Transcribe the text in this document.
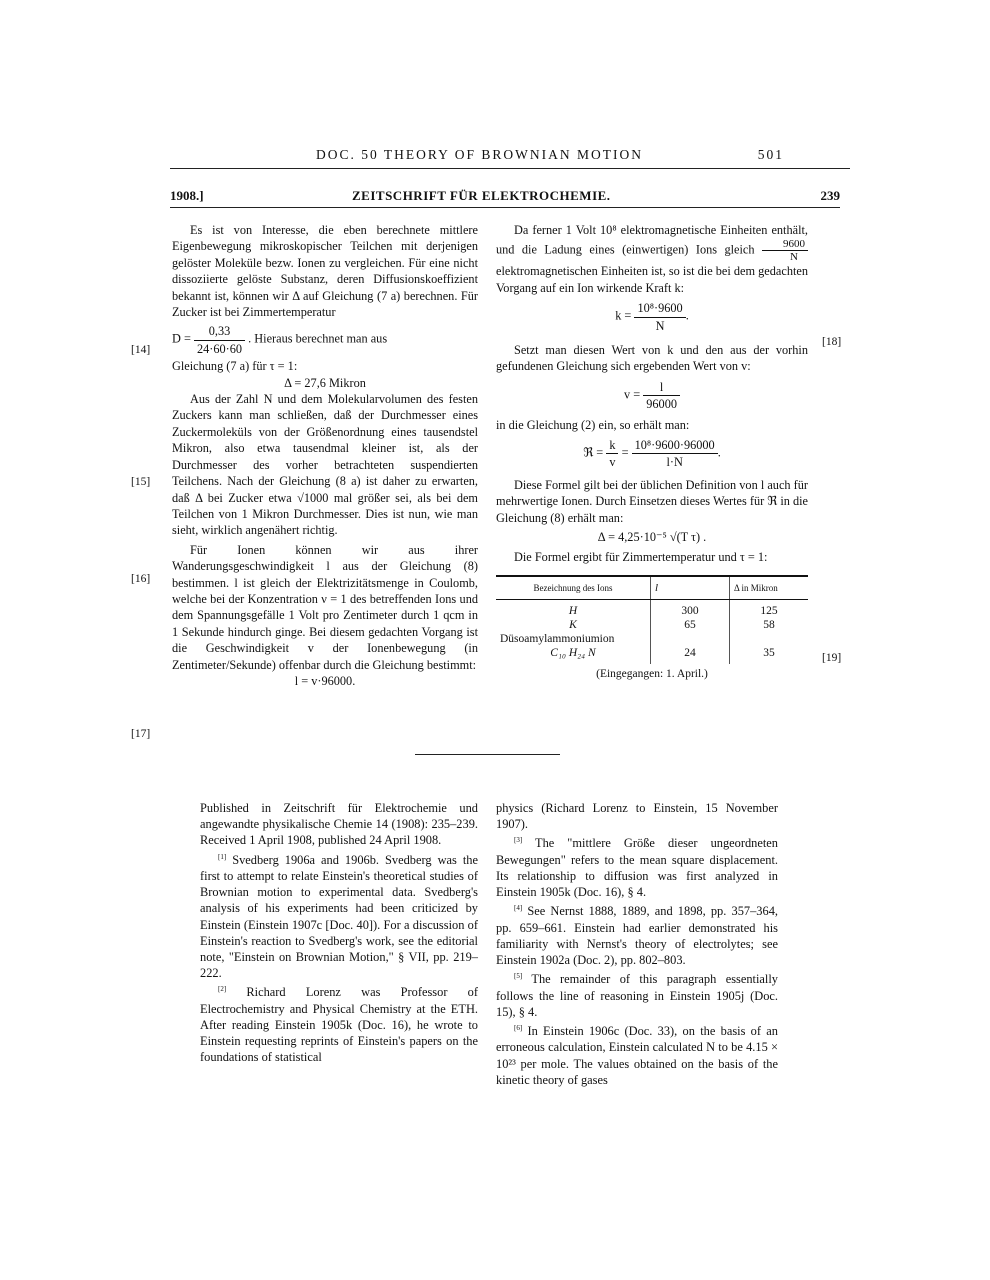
DOC. 50 THEORY OF BROWNIAN MOTION	501
1908.]	ZEITSCHRIFT FÜR ELEKTROCHEMIE.	239
[14]
[15]
[16]
[17]
[18]
[19]

Es ist von Interesse, die eben berechnete mittlere Eigenbewegung mikroskopischer Teilchen mit derjenigen gelöster Moleküle bezw. Ionen zu vergleichen. Für eine nicht dissoziierte gelöste Substanz, deren Diffusionskoeffizient bekannt ist, können wir Δ auf Gleichung (7 a) berechnen. Für Zucker ist bei Zimmertemperatur

$D = \frac{0,33}{24\cdot 60\cdot 60}$ . Hieraus berechnet man aus

Gleichung (7 a) für τ = 1:

Δ = 27,6 Mikron

Aus der Zahl N und dem Molekularvolumen des festen Zuckers kann man schließen, daß der Durchmesser eines Zuckermoleküls von der Größenordnung eines tausendstel Mikron, also etwa tausendmal kleiner ist, als der Durchmesser des vorher betrachteten suspendierten Teilchens. Nach der Gleichung (8 a) ist daher zu erwarten, daß Δ bei Zucker etwa √1000 mal größer sei, als bei dem Teilchen von 1 Mikron Durchmesser. Dies ist nun, wie man sieht, wirklich angenähert richtig.

Für Ionen können wir aus ihrer Wanderungsgeschwindigkeit l aus der Gleichung (8) bestimmen. l ist gleich der Elektrizitätsmenge in Coulomb, welche bei der Konzentration ν = 1 des betreffenden Ions und dem Spannungsgefälle 1 Volt pro Zentimeter durch 1 qcm in 1 Sekunde hindurch ginge. Bei diesem gedachten Vorgang ist die Geschwindigkeit v der Ionenbewegung (in Zentimeter/Sekunde) offenbar durch die Gleichung bestimmt:

l = v·96000.

Da ferner 1 Volt 10⁸ elektromagnetische Einheiten enthält, und die Ladung eines (einwertigen) Ions gleich $\frac{9600}{N}$
elektromagnetischen Einheiten ist, so ist die bei dem gedachten Vorgang auf ein Ion wirkende Kraft k:

$k = \frac{\text{10⁸·9600}}{N}$ .

Setzt man diesen Wert von k und den aus der vorhin gefundenen Gleichung sich ergebenden Wert von v:

$v = \frac{l}{96000}$

in die Gleichung (2) ein, so erhält man:

ℜ = $\frac{k}{v} = \frac{\text{10⁸·9600·96000}}{l\cdot N}$ .

Diese Formel gilt bei der üblichen Definition von l auch für mehrwertige Ionen. Durch Einsetzen dieses Wertes für ℜ in die Gleichung (8) erhält man:

Δ = 4,25·10⁻⁵ √(T τ) .

Die Formel ergibt für Zimmertemperatur und τ = 1:

Bezeichnung des Ions	l	Δ in Mikron
H	300	125
K	65	58
Düsoamylammoniumion		
C₁₀ H₂₄ N	24	35

(Eingegangen: 1. April.)

Published in Zeitschrift für Elektrochemie und angewandte physikalische Chemie 14 (1908): 235–239. Received 1 April 1908, published 24 April 1908.

[1] Svedberg 1906a and 1906b. Svedberg was the first to attempt to relate Einstein's theoretical studies of Brownian motion to experimental data. Svedberg's analysis of his experiments had been criticized by Einstein (Einstein 1907c [Doc. 40]). For a discussion of Einstein's reaction to Svedberg's work, see the editorial note, "Einstein on Brownian Motion," § VII, pp. 219–222.

[2] Richard Lorenz was Professor of Electrochemistry and Physical Chemistry at the ETH. After reading Einstein 1905k (Doc. 16), he wrote to Einstein requesting reprints of Einstein's papers on the foundations of statistical

physics (Richard Lorenz to Einstein, 15 November 1907).

[3] The "mittlere Größe dieser ungeordneten Bewegungen" refers to the mean square displacement. Its relationship to diffusion was first analyzed in Einstein 1905k (Doc. 16), § 4.

[4] See Nernst 1888, 1889, and 1898, pp. 357–364, pp. 659–661. Einstein had earlier demonstrated his familiarity with Nernst's theory of electrolytes; see Einstein 1902a (Doc. 2), pp. 802–803.

[5] The remainder of this paragraph essentially follows the line of reasoning in Einstein 1905j (Doc. 15), § 4.

[6] In Einstein 1906c (Doc. 33), on the basis of an erroneous calculation, Einstein calculated N to be 4.15 × 10²³ per mole. The values obtained on the basis of the kinetic theory of gases
